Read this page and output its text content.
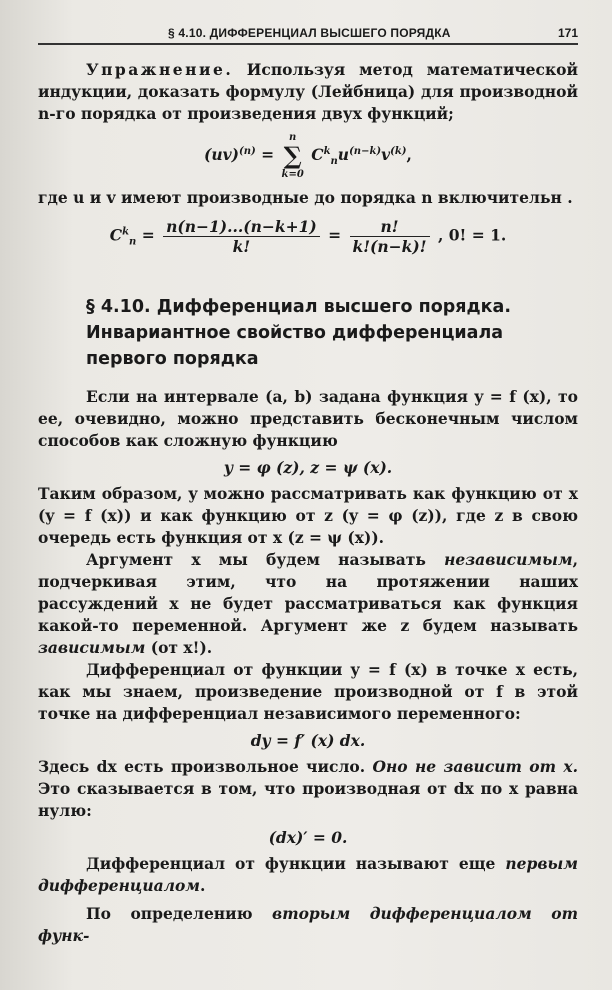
§ 4.10. ДИФФЕРЕНЦИАЛ ВЫСШЕГО ПОРЯДКА	171

Упражнение. Используя метод математической индукции, доказать формулу (Лейбница) для производной n-го порядка от произведения двух функций;

(uv)$^{(n)}$ =
n
∑
k=0
$C^k_nu^{(n-k)}v^{(k)}$,

где u и v имеют производные до порядка n включительн .

$C^k_n = \frac{n(n-1)...(n-k+1)}{k!} = \frac{n!}{k!(n-k)!}$ , 0! = 1.
§ 4.10. Дифференциал высшего порядка. Инвариантное свойство дифференциала первого порядка

Если на интервале (a, b) задана функция y = f (x), то ее, очевидно, можно представить бесконечным числом способов как сложную функцию

y = φ (z), z = ψ (x).

Таким образом, y можно рассматривать как функцию от x (y = f (x)) и как функцию от z (y = φ (z)), где z в свою очередь есть функция от x (z = ψ (x)).

Аргумент x мы будем называть независимым, подчеркивая этим, что на протяжении наших рассуждений x не будет рассматриваться как функция какой-то переменной. Аргумент же z будем называть зависимым (от x!).

Дифференциал от функции y = f (x) в точке x есть, как мы знаем, произведение производной от f в этой точке на дифференциал независимого переменного:

dy = f′ (x) dx.

Здесь dx есть произвольное число. Оно не зависит от x. Это сказывается в том, что производная от dx по x равна нулю:

(dx)′ = 0.

Дифференциал от функции называют еще первым дифференциалом.

По определению вторым дифференциалом от функ-
